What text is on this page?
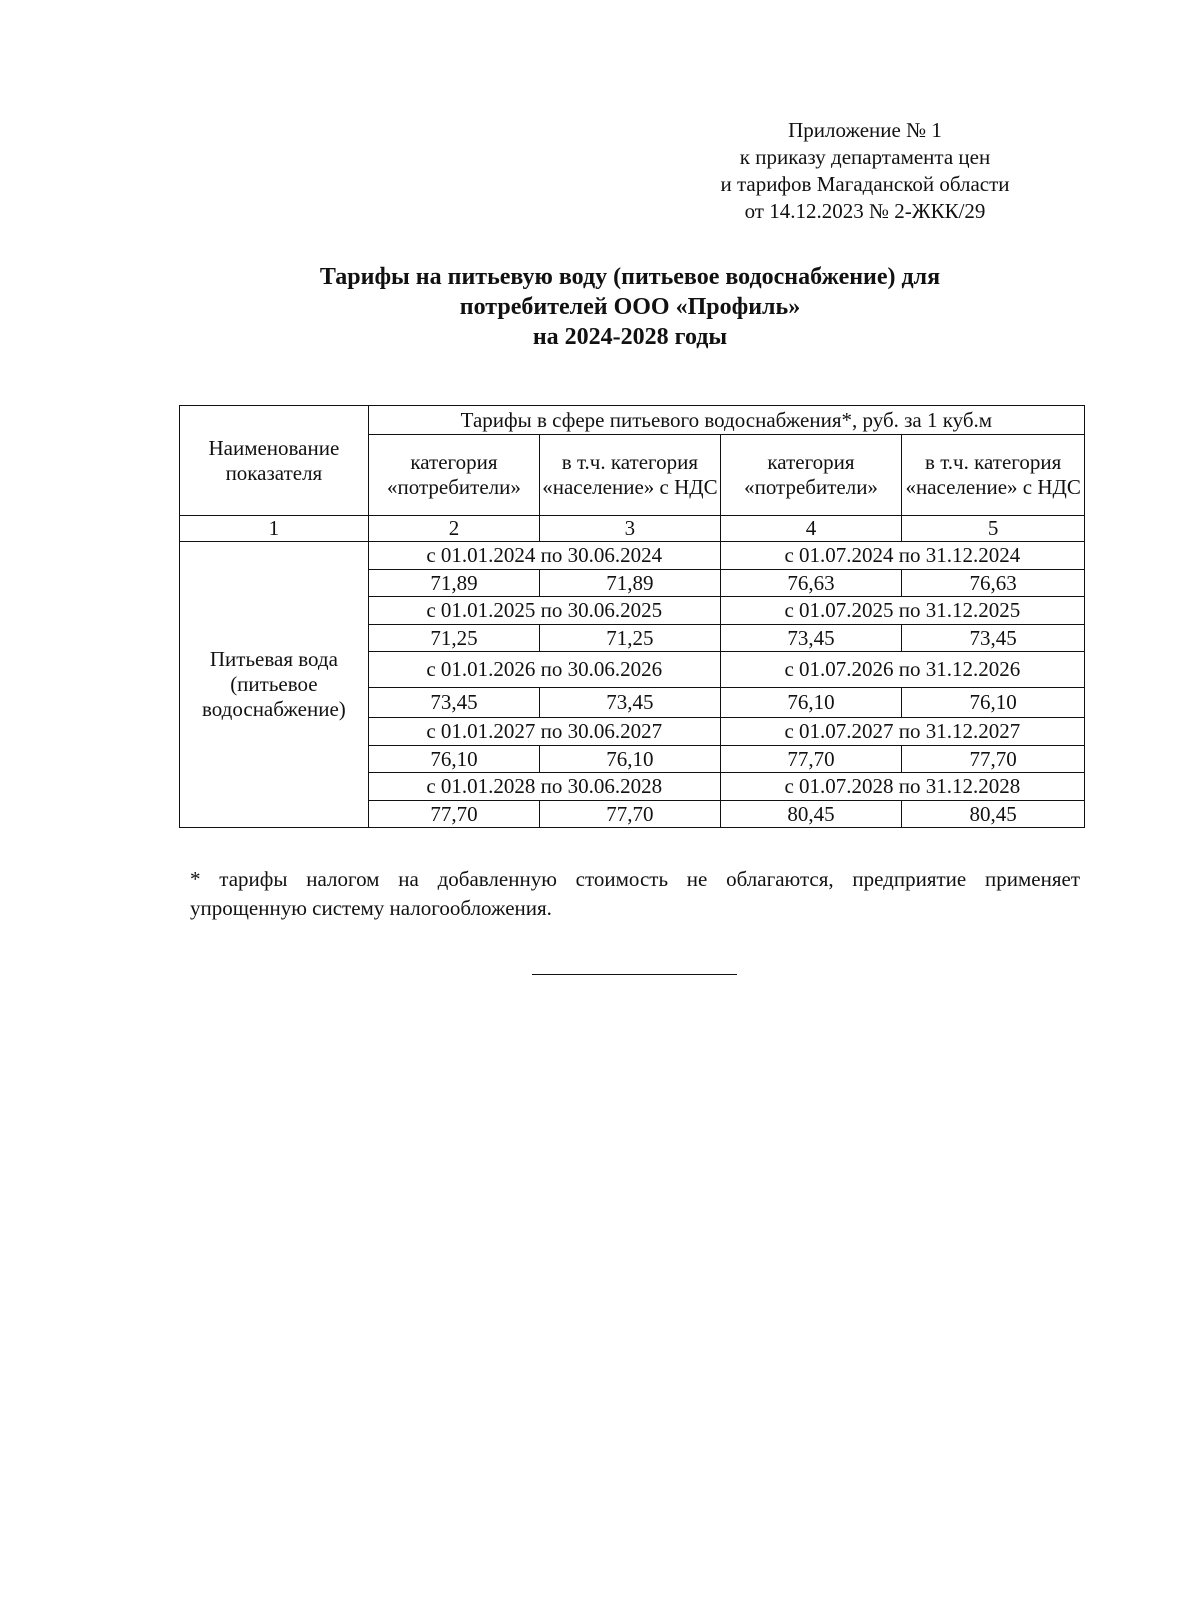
Приложение № 1
к приказу департамента цен
и тарифов Магаданской области
от 14.12.2023 № 2-ЖКК/29
Тарифы на питьевую воду (питьевое водоснабжение) для
потребителей ООО «Профиль»
на 2024-2028 годы
Наименование показателя	Тарифы в сфере питьевого водоснабжения*, руб. за 1 куб.м			
	категория «потребители»	в т.ч. категория «население» с НДС	категория «потребители»	в т.ч. категория «население» с НДС
1	2	3	4	5
Питьевая вода (питьевое водоснабжение)	с 01.01.2024 по 30.06.2024		с 01.07.2024 по 31.12.2024	
	71,89	71,89	76,63	76,63
	с 01.01.2025 по 30.06.2025		с 01.07.2025 по 31.12.2025	
	71,25	71,25	73,45	73,45
	с 01.01.2026 по 30.06.2026		с 01.07.2026 по 31.12.2026	
	73,45	73,45	76,10	76,10
	с 01.01.2027 по 30.06.2027		с 01.07.2027 по 31.12.2027	
	76,10	76,10	77,70	77,70
	с 01.01.2028 по 30.06.2028		с 01.07.2028 по 31.12.2028	
	77,70	77,70	80,45	80,45
* тарифы налогом на добавленную стоимость не облагаются, предприятие применяет упрощенную систему налогообложения.
